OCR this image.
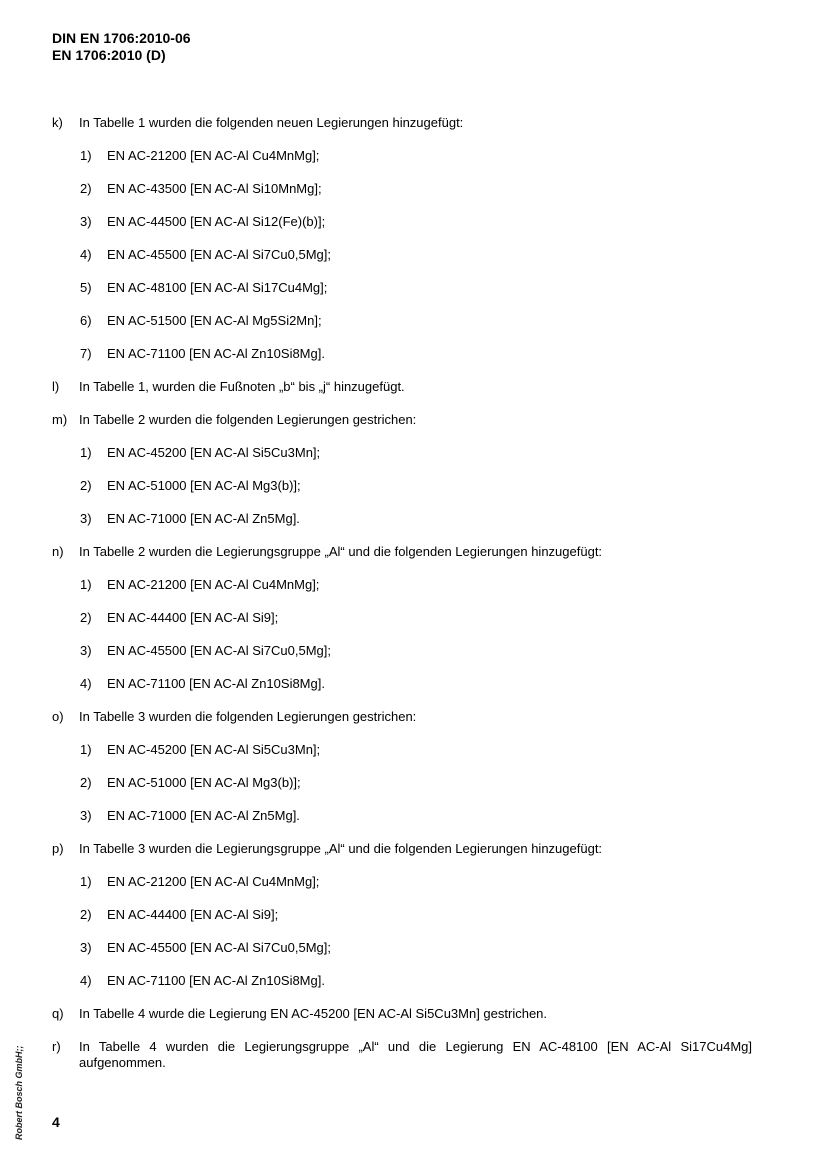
DIN EN 1706:2010-06
EN 1706:2010 (D)
k)	In Tabelle 1 wurden die folgenden neuen Legierungen hinzugefügt:
1)	EN AC-21200 [EN AC-Al Cu4MnMg];
2)	EN AC-43500 [EN AC-Al Si10MnMg];
3)	EN AC-44500 [EN AC-Al Si12(Fe)(b)];
4)	EN AC-45500 [EN AC-Al Si7Cu0,5Mg];
5)	EN AC-48100 [EN AC-Al Si17Cu4Mg];
6)	EN AC-51500 [EN AC-Al Mg5Si2Mn];
7)	EN AC-71100 [EN AC-Al Zn10Si8Mg].
l)	In Tabelle 1, wurden die Fußnoten „b“ bis „j“ hinzugefügt.
m) In Tabelle 2 wurden die folgenden Legierungen gestrichen:
1)	EN AC-45200 [EN AC-Al Si5Cu3Mn];
2)	EN AC-51000 [EN AC-Al Mg3(b)];
3)	EN AC-71000 [EN AC-Al Zn5Mg].
n)	In Tabelle 2 wurden die Legierungsgruppe „Al“ und die folgenden Legierungen hinzugefügt:
1)	EN AC-21200 [EN AC-Al Cu4MnMg];
2)	EN AC-44400 [EN AC-Al Si9];
3)	EN AC-45500 [EN AC-Al Si7Cu0,5Mg];
4)	EN AC-71100 [EN AC-Al Zn10Si8Mg].
o)	In Tabelle 3 wurden die folgenden Legierungen gestrichen:
1)	EN AC-45200 [EN AC-Al Si5Cu3Mn];
2)	EN AC-51000 [EN AC-Al Mg3(b)];
3)	EN AC-71000 [EN AC-Al Zn5Mg].
p)	In Tabelle 3 wurden die Legierungsgruppe „Al“ und die folgenden Legierungen hinzugefügt:
1)	EN AC-21200 [EN AC-Al Cu4MnMg];
2)	EN AC-44400 [EN AC-Al Si9];
3)	EN AC-45500 [EN AC-Al Si7Cu0,5Mg];
4)	EN AC-71100 [EN AC-Al Zn10Si8Mg].
q)	In Tabelle 4 wurde die Legierung EN AC-45200 [EN AC-Al Si5Cu3Mn] gestrichen.
r)	In Tabelle 4 wurden die Legierungsgruppe „Al“ und die Legierung EN AC-48100 [EN AC-Al Si17Cu4Mg] aufgenommen.
Robert Bosch GmbH;; 4
